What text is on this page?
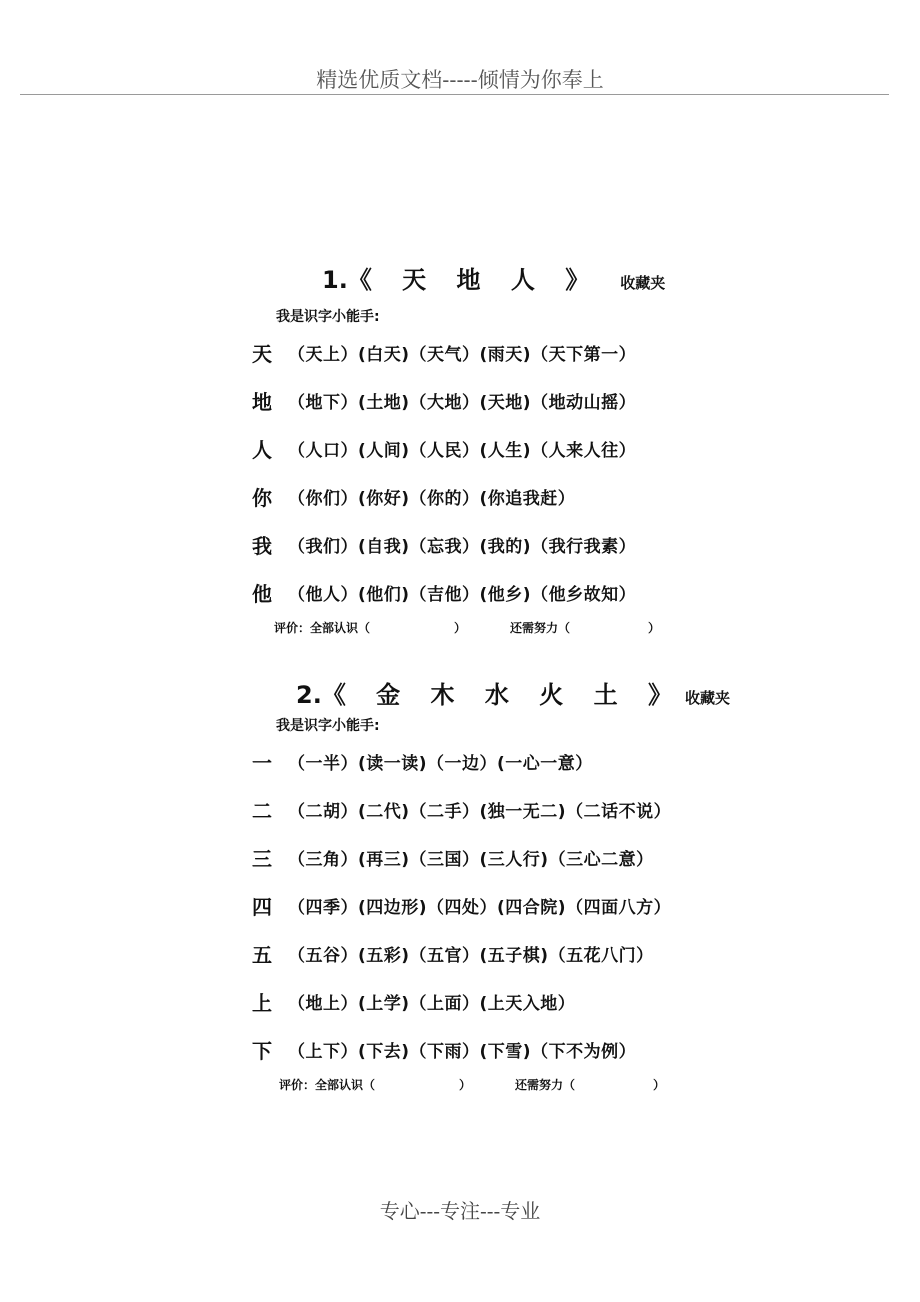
精选优质文档-----倾情为你奉上
1.《 天 地 人 》 收藏夹
我是识字小能手:
天 （天上）(白天)（天气）(雨天)（天下第一）
地 （地下）(土地)（大地）(天地)（地动山摇）
人 （人口）(人间)（人民）(人生)（人来人往）
你 （你们）(你好)（你的）(你追我赶）
我 （我们）(自我)（忘我）(我的)（我行我素）
他 （他人）(他们)（吉他）(他乡)（他乡故知）
评价：全部认识（	）	还需努力（	）
2.《 金 木 水 火 土 》 收藏夹
我是识字小能手:
一 （一半）(读一读)（一边）(一心一意）
二 （二胡）(二代)（二手）(独一无二)（二话不说）
三 （三角）(再三)（三国）(三人行)（三心二意）
四 （四季）(四边形)（四处）(四合院)（四面八方）
五 （五谷）(五彩)（五官）(五子棋)（五花八门）
上 （地上）(上学)（上面）(上天入地）
下 （上下）(下去)（下雨）(下雪)（下不为例）
评价：全部认识（	）	还需努力（	）
专心---专注---专业
